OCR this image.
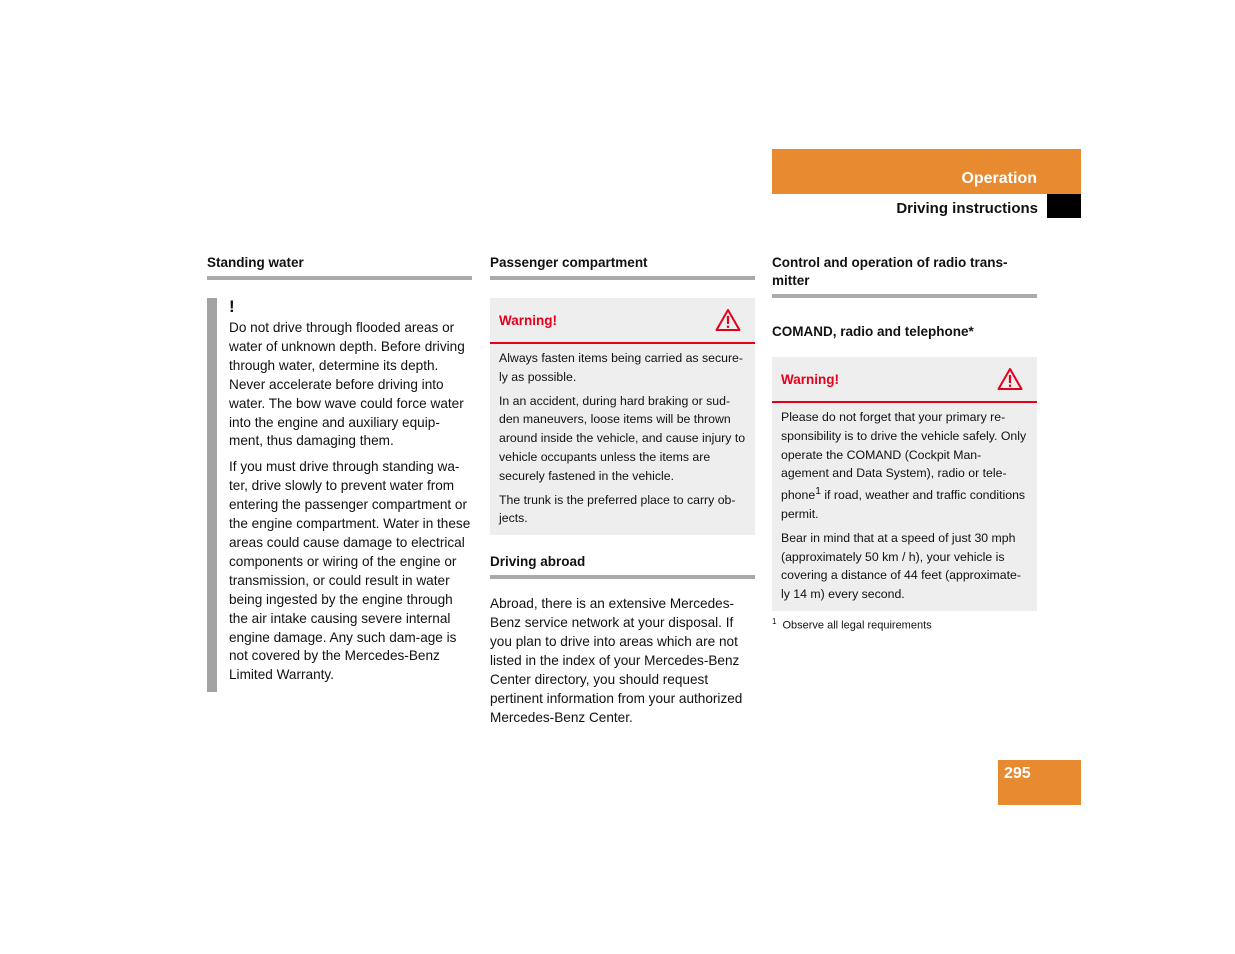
Operation
Driving instructions
Standing water
!

Do not drive through flooded areas or water of unknown depth. Before driving through water, determine its depth. Never accelerate before driving into water. The bow wave could force water into the engine and auxiliary equip-ment, thus damaging them.

If you must drive through standing wa-ter, drive slowly to prevent water from entering the passenger compartment or the engine compartment. Water in these areas could cause damage to electrical components or wiring of the engine or transmission, or could result in water being ingested by the engine through the air intake causing severe internal engine damage. Any such dam-age is not covered by the Mercedes-Benz Limited Warranty.

Passenger compartment
Warning!

Always fasten items being carried as secure-ly as possible.

In an accident, during hard braking or sud-den maneuvers, loose items will be thrown around inside the vehicle, and cause injury to vehicle occupants unless the items are securely fastened in the vehicle.

The trunk is the preferred place to carry ob-jects.

Driving abroad

Abroad, there is an extensive Mercedes-Benz service network at your disposal. If you plan to drive into areas which are not listed in the index of your Mercedes-Benz Center directory, you should request pertinent information from your authorized Mercedes-Benz Center.

Control and operation of radio trans-mitter
COMAND, radio and telephone*
Warning!

Please do not forget that your primary re-sponsibility is to drive the vehicle safely. Only operate the COMAND (Cockpit Man-agement and Data System), radio or tele-phone$^1$ if road, weather and traffic conditions permit.

Bear in mind that at a speed of just 30 mph (approximately 50 km / h), your vehicle is covering a distance of 44 feet (approximate-ly 14 m) every second.

$^1$ Observe all legal requirements
295
